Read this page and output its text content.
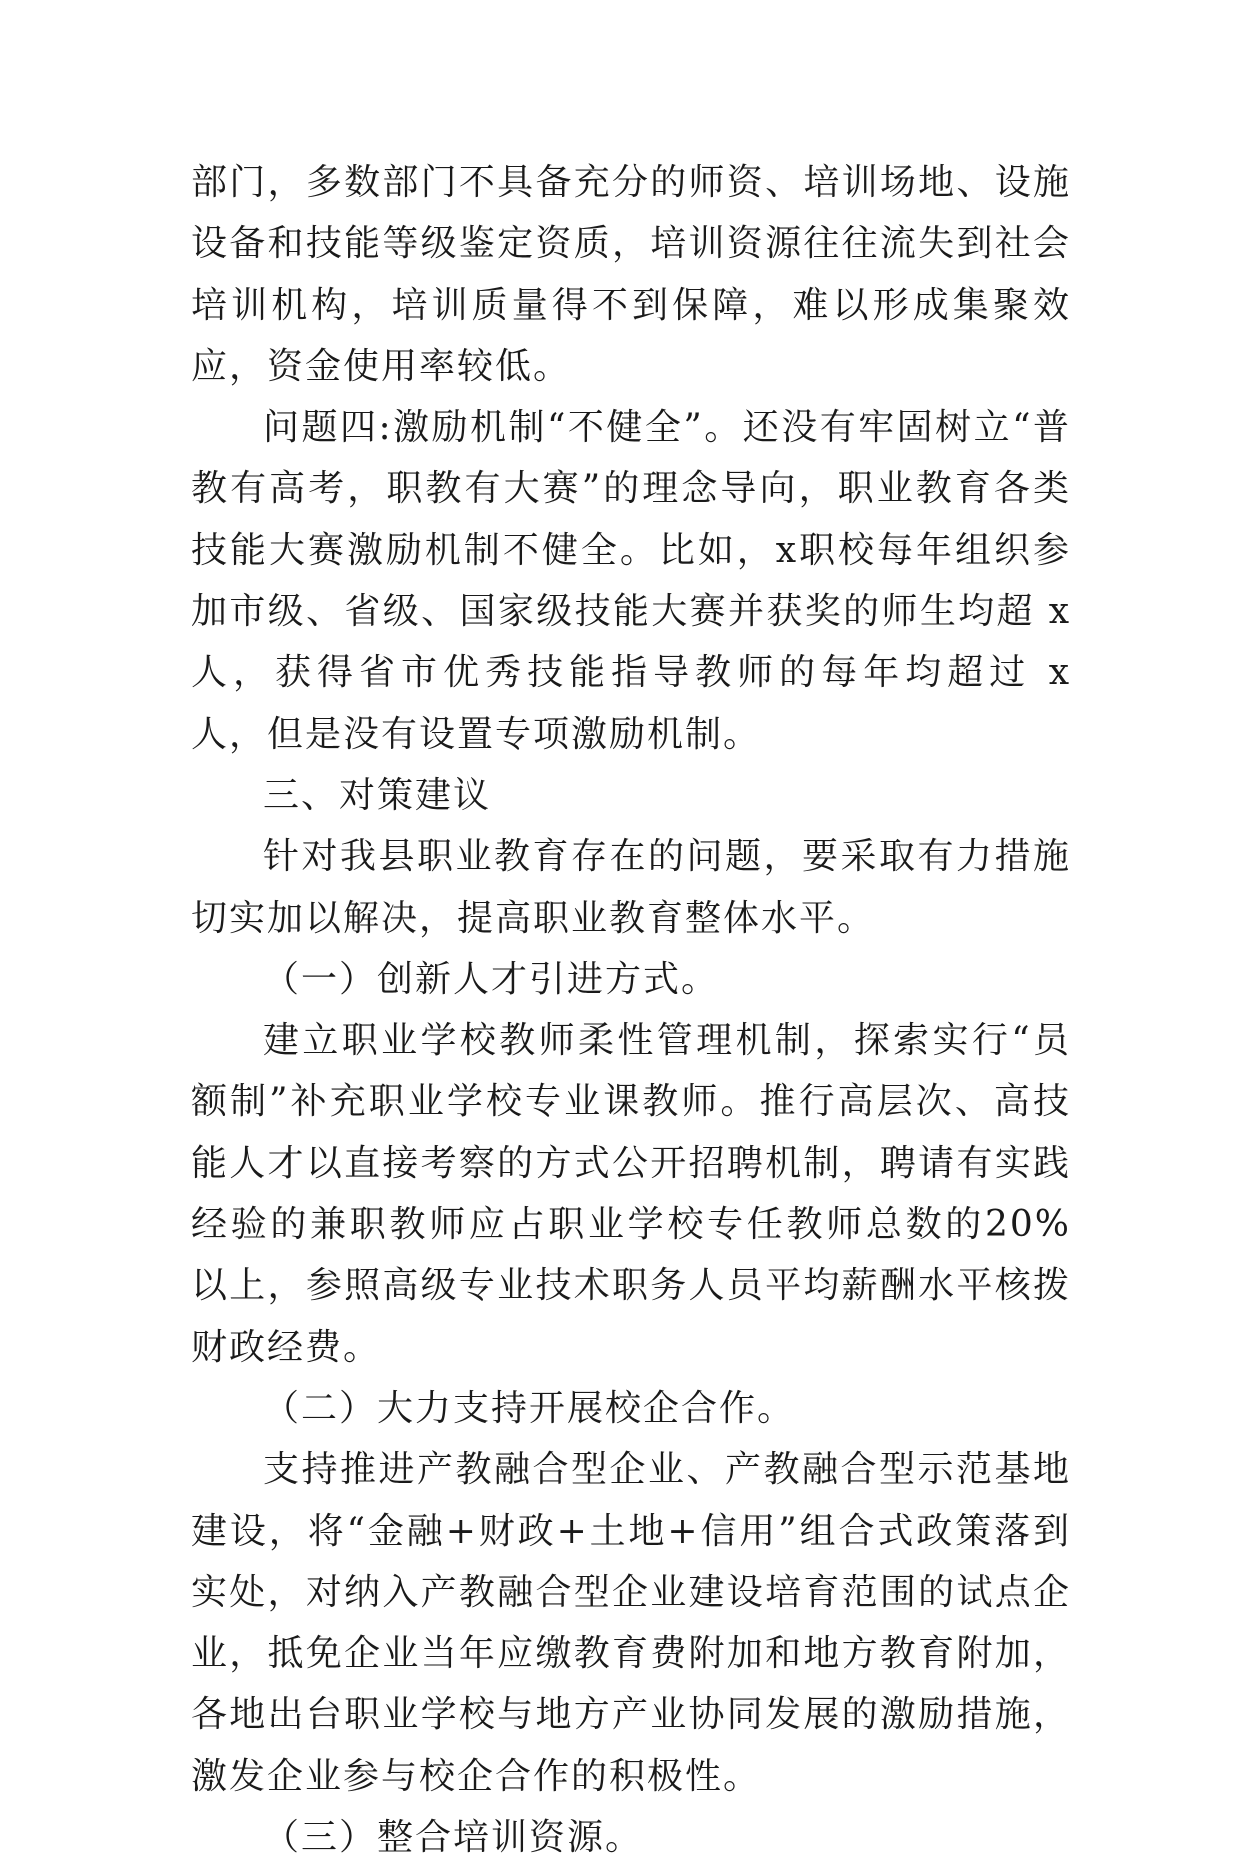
部门，多数部门不具备充分的师资、培训场地、设施设备和技能等级鉴定资质，培训资源往往流失到社会培训机构，培训质量得不到保障，难以形成集聚效应，资金使用率较低。

问题四:激励机制“不健全”。还没有牢固树立“普教有高考，职教有大赛”的理念导向，职业教育各类技能大赛激励机制不健全。比如，x职校每年组织参加市级、省级、国家级技能大赛并获奖的师生均超 x 人，获得省市优秀技能指导教师的每年均超过 x 人，但是没有设置专项激励机制。

三、对策建议

针对我县职业教育存在的问题，要采取有力措施切实加以解决，提高职业教育整体水平。

（一）创新人才引进方式。

建立职业学校教师柔性管理机制，探索实行“员额制”补充职业学校专业课教师。推行高层次、高技能人才以直接考察的方式公开招聘机制，聘请有实践经验的兼职教师应占职业学校专任教师总数的20%以上，参照高级专业技术职务人员平均薪酬水平核拨财政经费。

（二）大力支持开展校企合作。

支持推进产教融合型企业、产教融合型示范基地建设，将“金融+财政+土地+信用”组合式政策落到实处，对纳入产教融合型企业建设培育范围的试点企业，抵免企业当年应缴教育费附加和地方教育附加，各地出台职业学校与地方产业协同发展的激励措施，激发企业参与校企合作的积极性。

（三）整合培训资源。
